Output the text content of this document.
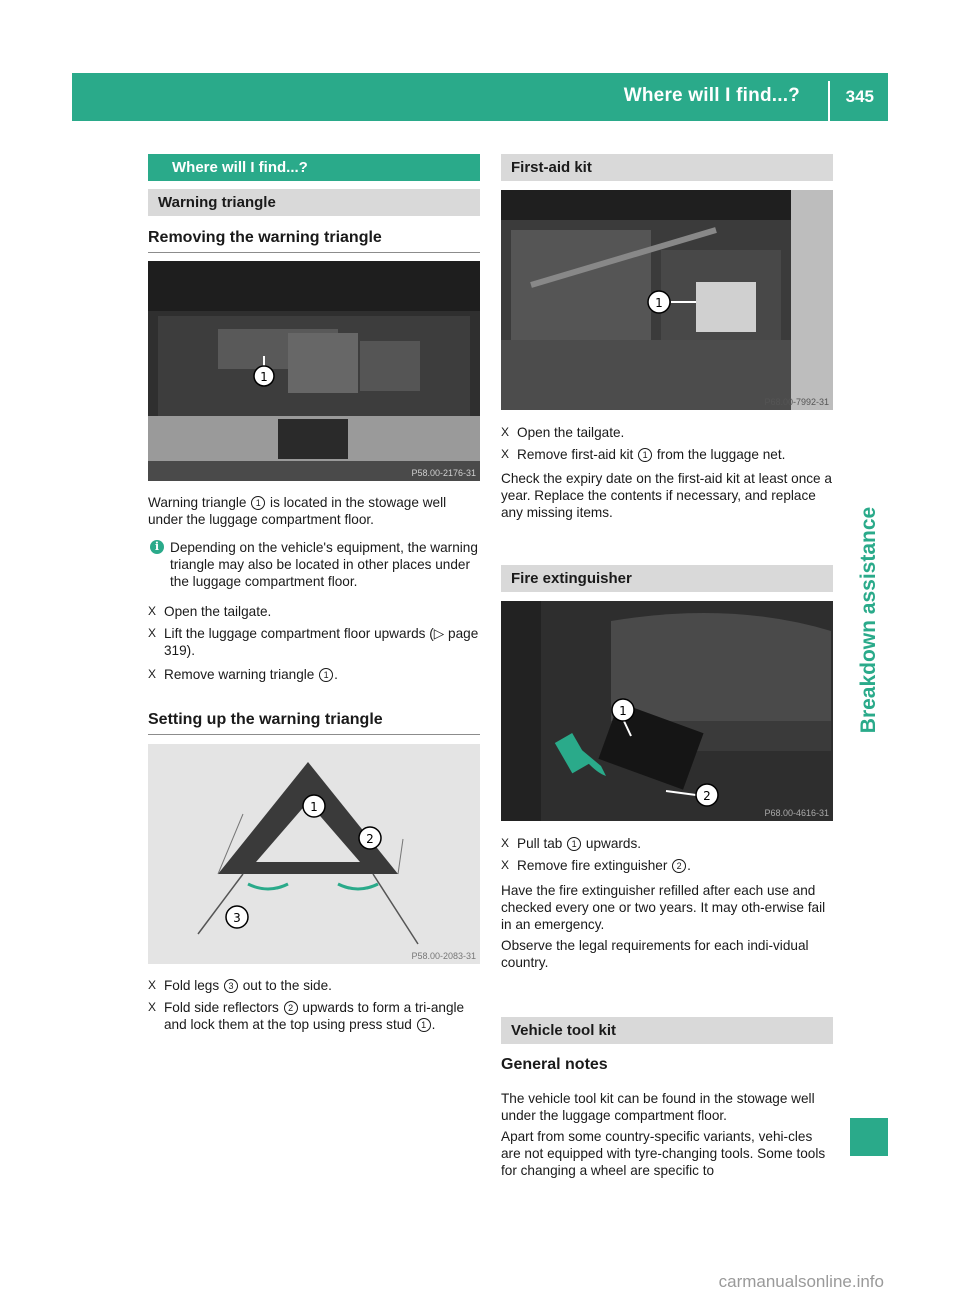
Where will I find...?	345
Breakdown assistance
Where will I find...?
Warning triangle
Removing the warning triangle
1
P58.00-2176-31
Warning triangle 1 is located in the stowage well under the luggage compartment floor.
i Depending on the vehicle's equipment, the warning triangle may also be located in other places under the luggage compartment floor.
X Open the tailgate.
X Lift the luggage compartment floor upwards (▷ page 319).
X Remove warning triangle 1 .
Setting up the warning triangle
1
2
3
P58.00-2083-31
X Fold legs 3 out to the side.
X Fold side reflectors 2 upwards to form a tri-angle and lock them at the top using press stud 1 .
First-aid kit
1
P68.00-7992-31
X Open the tailgate.
X Remove first-aid kit 1 from the luggage net.
Check the expiry date on the first-aid kit at least once a year. Replace the contents if necessary, and replace any missing items.
Fire extinguisher
1
2
P68.00-4616-31
X Pull tab 1 upwards.
X Remove fire extinguisher 2 .
Have the fire extinguisher refilled after each use and checked every one or two years. It may oth-erwise fail in an emergency.
Observe the legal requirements for each indi-vidual country.
Vehicle tool kit
General notes
The vehicle tool kit can be found in the stowage well under the luggage compartment floor.
Apart from some country-specific variants, vehi-cles are not equipped with tyre-changing tools. Some tools for changing a wheel are specific to
carmanualsonline.info
